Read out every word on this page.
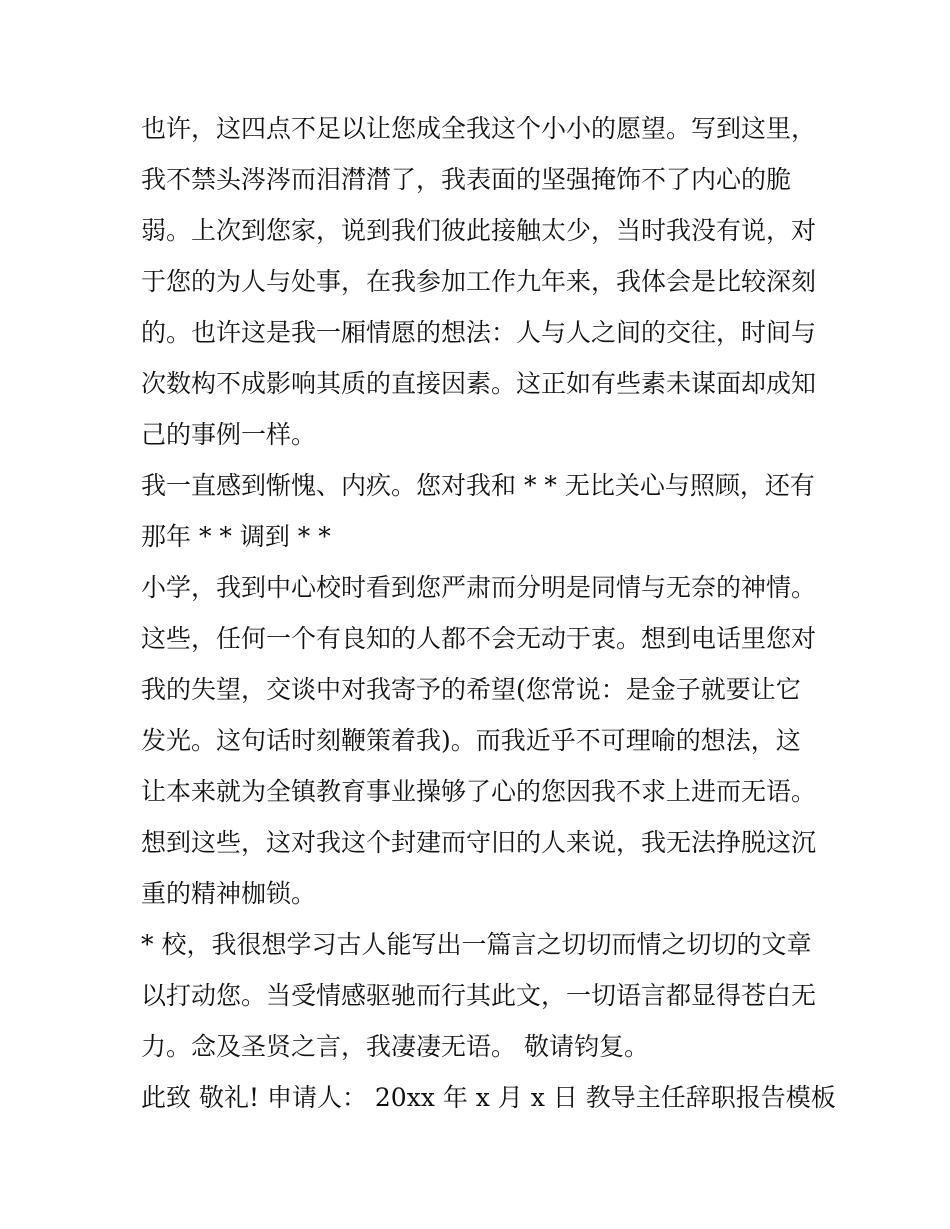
也许，这四点不足以让您成全我这个小小的愿望。写到这里，
我不禁头涔涔而泪潸潸了，我表面的坚强掩饰不了内心的脆
弱。上次到您家，说到我们彼此接触太少，当时我没有说，对
于您的为人与处事，在我参加工作九年来，我体会是比较深刻
的。也许这是我一厢情愿的想法：人与人之间的交往，时间与
次数构不成影响其质的直接因素。这正如有些素未谋面却成知
己的事例一样。
我一直感到惭愧、内疚。您对我和 * * 无比关心与照顾，还有
那年 * * 调到 * *
小学，我到中心校时看到您严肃而分明是同情与无奈的神情。
这些，任何一个有良知的人都不会无动于衷。想到电话里您对
我的失望，交谈中对我寄予的希望(您常说：是金子就要让它
发光。这句话时刻鞭策着我)。而我近乎不可理喻的想法，这
让本来就为全镇教育事业操够了心的您因我不求上进而无语。
想到这些，这对我这个封建而守旧的人来说，我无法挣脱这沉
重的精神枷锁。
* 校，我很想学习古人能写出一篇言之切切而情之切切的文章
以打动您。当受情感驱驰而行其此文，一切语言都显得苍白无
力。念及圣贤之言，我凄凄无语。 敬请钧复。
此致 敬礼! 申请人： 20xx 年 x 月 x 日 教导主任辞职报告模板
